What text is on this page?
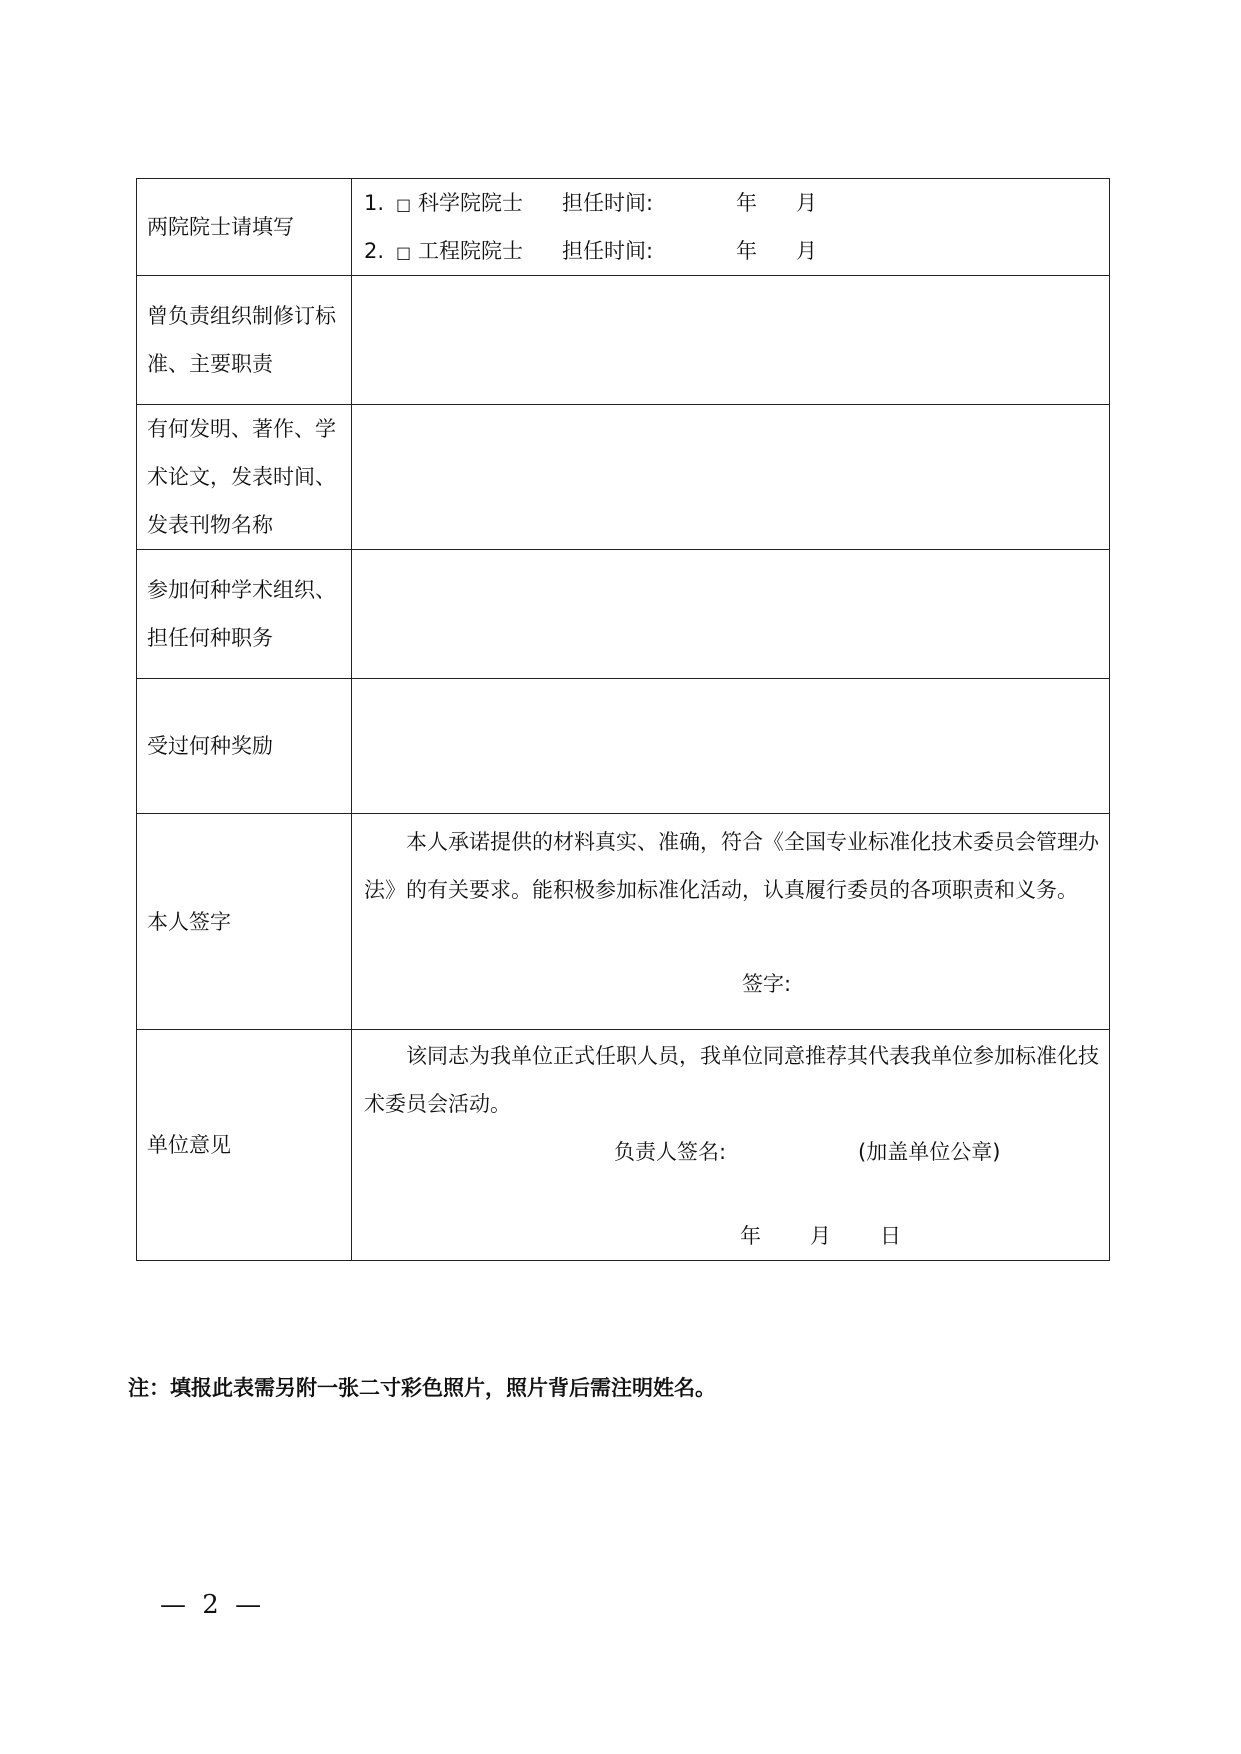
两院院士请填写	1. □ 科学院院士 担任时间: 年 月
2. □ 工程院院士 担任时间: 年 月

曾负责组织制修订标
准、主要职责	

有何发明、著作、学
术论文，发表时间、
发表刊物名称	

参加何种学术组织、
担任何种职务	

受过何种奖励	
本人签字	本人承诺提供的材料真实、准确，符合《全国专业标准化技术委员会管理办法》的有关要求。能积极参加标准化活动，认真履行委员的各项职责和义务。
签字:

单位意见	该同志为我单位正式任职人员，我单位同意推荐其代表我单位参加标准化技术委员会活动。
负责人签名: (加盖单位公章)
年 月 日
注：填报此表需另附一张二寸彩色照片，照片背后需注明姓名。
— 2 —
